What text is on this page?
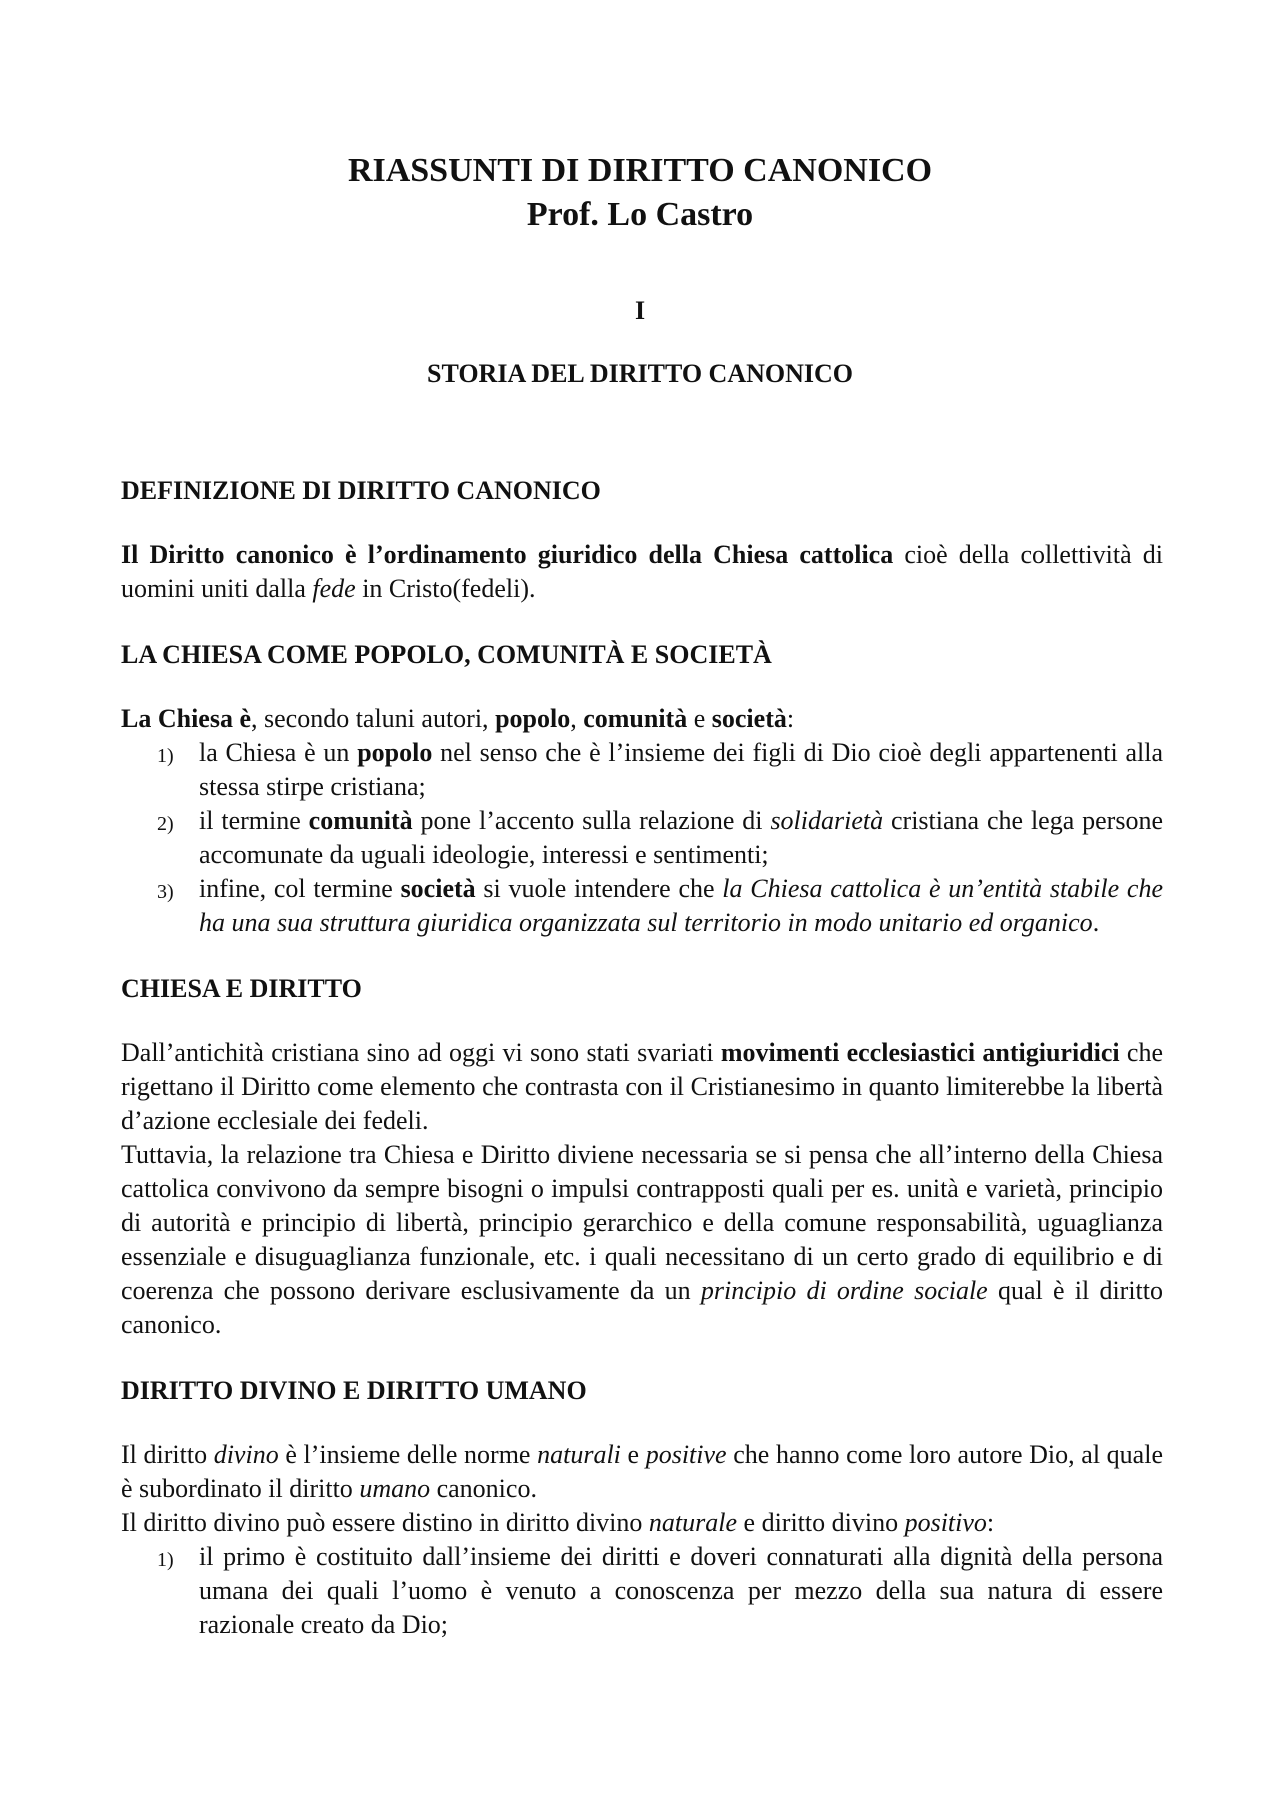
RIASSUNTI DI DIRITTO CANONICO
Prof. Lo Castro
I
STORIA DEL DIRITTO CANONICO
DEFINIZIONE DI DIRITTO CANONICO

Il Diritto canonico è l’ordinamento giuridico della Chiesa cattolica cioè della collettività di uomini uniti dalla fede in Cristo(fedeli).

LA CHIESA COME POPOLO, COMUNITÀ E SOCIETÀ

La Chiesa è, secondo taluni autori, popolo, comunità e società:

1) la Chiesa è un popolo nel senso che è l’insieme dei figli di Dio cioè degli appartenenti alla stessa stirpe cristiana;
2) il termine comunità pone l’accento sulla relazione di solidarietà cristiana che lega persone accomunate da uguali ideologie, interessi e sentimenti;
3) infine, col termine società si vuole intendere che la Chiesa cattolica è un’entità stabile che ha una sua struttura giuridica organizzata sul territorio in modo unitario ed organico.
CHIESA E DIRITTO

Dall’antichità cristiana sino ad oggi vi sono stati svariati movimenti ecclesiastici antigiuridici che rigettano il Diritto come elemento che contrasta con il Cristianesimo in quanto limiterebbe la libertà d’azione ecclesiale dei fedeli.

Tuttavia, la relazione tra Chiesa e Diritto diviene necessaria se si pensa che all’interno della Chiesa cattolica convivono da sempre bisogni o impulsi contrapposti quali per es. unità e varietà, principio di autorità e principio di libertà, principio gerarchico e della comune responsabilità, uguaglianza essenziale e disuguaglianza funzionale, etc. i quali necessitano di un certo grado di equilibrio e di coerenza che possono derivare esclusivamente da un principio di ordine sociale qual è il diritto canonico.

DIRITTO DIVINO E DIRITTO UMANO

Il diritto divino è l’insieme delle norme naturali e positive che hanno come loro autore Dio, al quale è subordinato il diritto umano canonico.

Il diritto divino può essere distino in diritto divino naturale e diritto divino positivo:

1) il primo è costituito dall’insieme dei diritti e doveri connaturati alla dignità della persona umana dei quali l’uomo è venuto a conoscenza per mezzo della sua natura di essere razionale creato da Dio;
